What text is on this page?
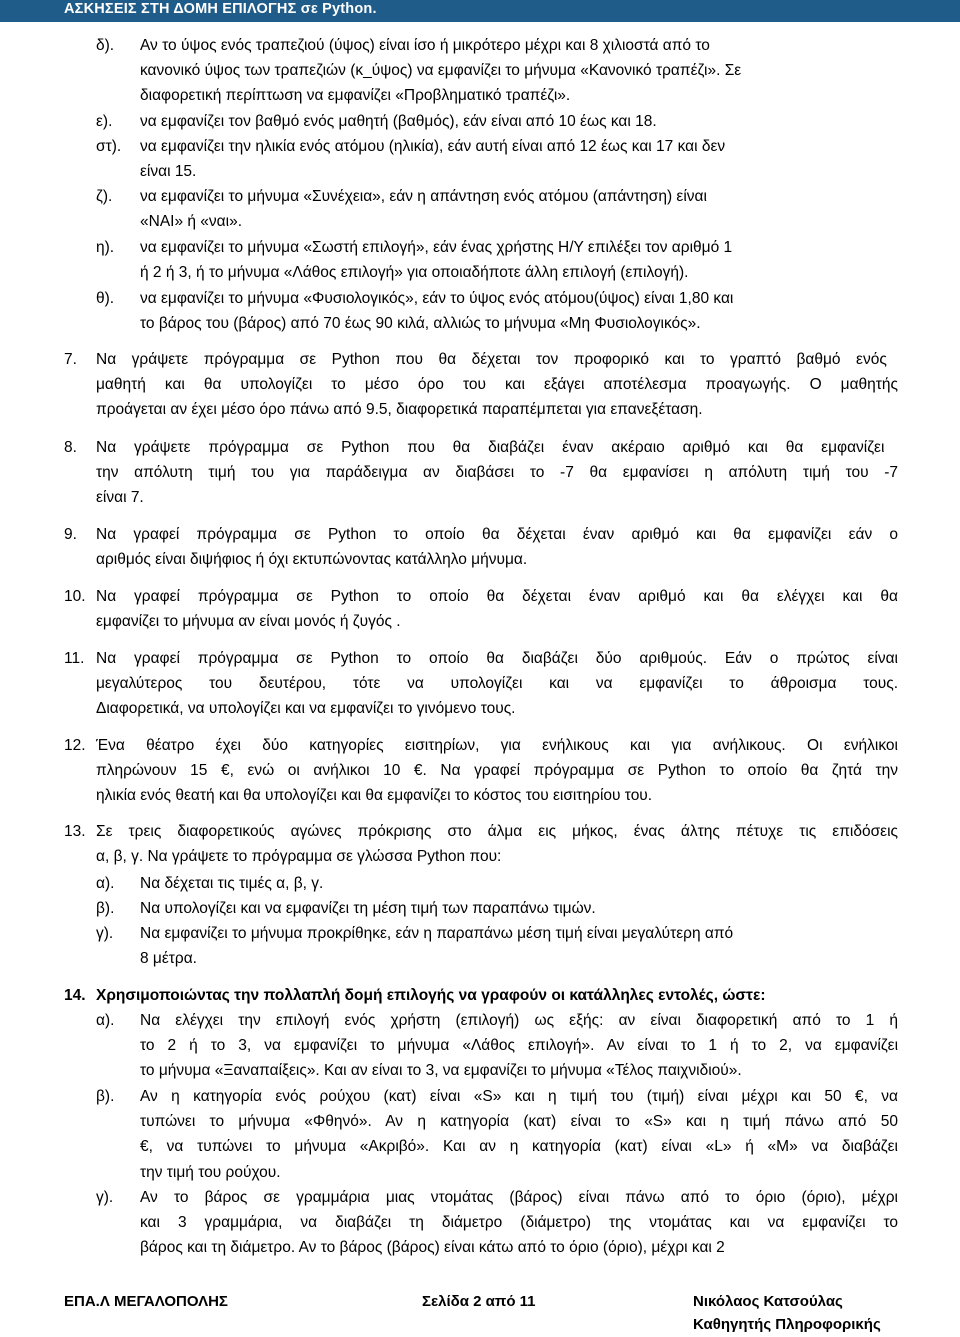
ΑΣΚΗΣΕΙΣ ΣΤΗ ΔΟΜΗ ΕΠΙΛΟΓΗΣ σε Python.
δ). Αν το ύψος ενός τραπεζιού (ύψος) είναι ίσο ή μικρότερο μέχρι και 8 χιλιοστά από το
κανονικό ύψος των τραπεζιών (κ_ύψος) να εμφανίζει το μήνυμα «Κανονικό τραπέζι». Σε
διαφορετική περίπτωση να εμφανίζει «Προβληματικό τραπέζι».
ε). να εμφανίζει τον βαθμό ενός μαθητή (βαθμός), εάν είναι από 10 έως και 18.
στ). να εμφανίζει την ηλικία ενός ατόμου (ηλικία), εάν αυτή είναι από 12 έως και 17 και δεν
είναι 15.
ζ). να εμφανίζει το μήνυμα «Συνέχεια», εάν η απάντηση ενός ατόμου (απάντηση) είναι
«ΝΑΙ» ή «ναι».
η). να εμφανίζει το μήνυμα «Σωστή επιλογή», εάν ένας χρήστης Η/Υ επιλέξει τον αριθμό 1
ή 2 ή 3, ή το μήνυμα «Λάθος επιλογή» για οποιαδήποτε άλλη επιλογή (επιλογή).
θ). να εμφανίζει το μήνυμα «Φυσιολογικός», εάν το ύψος ενός ατόμου(ύψος) είναι 1,80 και
το βάρος του (βάρος) από 70 έως 90 κιλά, αλλιώς το μήνυμα «Μη Φυσιολογικός».
7. Να γράψετε πρόγραμμα σε Python που θα δέχεται τον προφορικό και το γραπτό βαθμό ενός
μαθητή και θα υπολογίζει το μέσο όρο του και εξάγει αποτέλεσμα προαγωγής. Ο μαθητής
προάγεται αν έχει μέσο όρο πάνω από 9.5, διαφορετικά παραπέμπεται για επανεξέταση.
8. Να γράψετε πρόγραμμα σε Python που θα διαβάζει έναν ακέραιο αριθμό και θα εμφανίζει
την απόλυτη τιμή του για παράδειγμα αν διαβάσει το -7 θα εμφανίσει η απόλυτη τιμή του -7
είναι 7.
9. Να γραφεί πρόγραμμα σε Python το οποίο θα δέχεται έναν αριθμό και θα εμφανίζει εάν ο
αριθμός είναι διψήφιος ή όχι εκτυπώνοντας κατάλληλο μήνυμα.
10. Να γραφεί πρόγραμμα σε Python το οποίο θα δέχεται έναν αριθμό και θα ελέγχει και θα
εμφανίζει το μήνυμα αν είναι μονός ή ζυγός .
11. Να γραφεί πρόγραμμα σε Python το οποίο θα διαβάζει δύο αριθμούς. Εάν ο πρώτος είναι
μεγαλύτερος του δευτέρου, τότε να υπολογίζει και να εμφανίζει το άθροισμα τους.
Διαφορετικά, να υπολογίζει και να εμφανίζει το γινόμενο τους.
12. Ένα θέατρο έχει δύο κατηγορίες εισιτηρίων, για ενήλικους και για ανήλικους. Οι ενήλικοι
πληρώνουν 15 €, ενώ οι ανήλικοι 10 €. Να γραφεί πρόγραμμα σε Python το οποίο θα ζητά την
ηλικία ενός θεατή και θα υπολογίζει και θα εμφανίζει το κόστος του εισιτηρίου του.
13. Σε τρεις διαφορετικούς αγώνες πρόκρισης στο άλμα εις μήκος, ένας άλτης πέτυχε τις επιδόσεις
α, β, γ. Να γράψετε το πρόγραμμα σε γλώσσα Python που:
α). Να δέχεται τις τιμές α, β, γ.
β). Να υπολογίζει και να εμφανίζει τη μέση τιμή των παραπάνω τιμών.
γ). Να εμφανίζει το μήνυμα προκρίθηκε, εάν η παραπάνω μέση τιμή είναι μεγαλύτερη από
8 μέτρα.
14. Χρησιμοποιώντας την πολλαπλή δομή επιλογής να γραφούν οι κατάλληλες εντολές, ώστε:
α). Να ελέγχει την επιλογή ενός χρήστη (επιλογή) ως εξής: αν είναι διαφορετική από το 1 ή
το 2 ή το 3, να εμφανίζει το μήνυμα «Λάθος επιλογή». Αν είναι το 1 ή το 2, να εμφανίζει
το μήνυμα «Ξαναπαίξεις». Και αν είναι το 3, να εμφανίζει το μήνυμα «Τέλος παιχνιδιού».
β). Αν η κατηγορία ενός ρούχου (κατ) είναι «S» και η τιμή του (τιμή) είναι μέχρι και 50 €, να
τυπώνει το μήνυμα «Φθηνό». Αν η κατηγορία (κατ) είναι το «S» και η τιμή πάνω από 50
€, να τυπώνει το μήνυμα «Ακριβό». Και αν η κατηγορία (κατ) είναι «L» ή «M» να διαβάζει
την τιμή του ρούχου.
γ). Αν το βάρος σε γραμμάρια μιας ντομάτας (βάρος) είναι πάνω από το όριο (όριο), μέχρι
και 3 γραμμάρια, να διαβάζει τη διάμετρο (διάμετρο) της ντομάτας και να εμφανίζει το
βάρος και τη διάμετρο. Αν το βάρος (βάρος) είναι κάτω από το όριο (όριο), μέχρι και 2
ΕΠΑ.Λ ΜΕΓΑΛΟΠΟΛΗΣ	Σελίδα 2 από 11	Νικόλαος Κατσούλας
Καθηγητής Πληροφορικής
